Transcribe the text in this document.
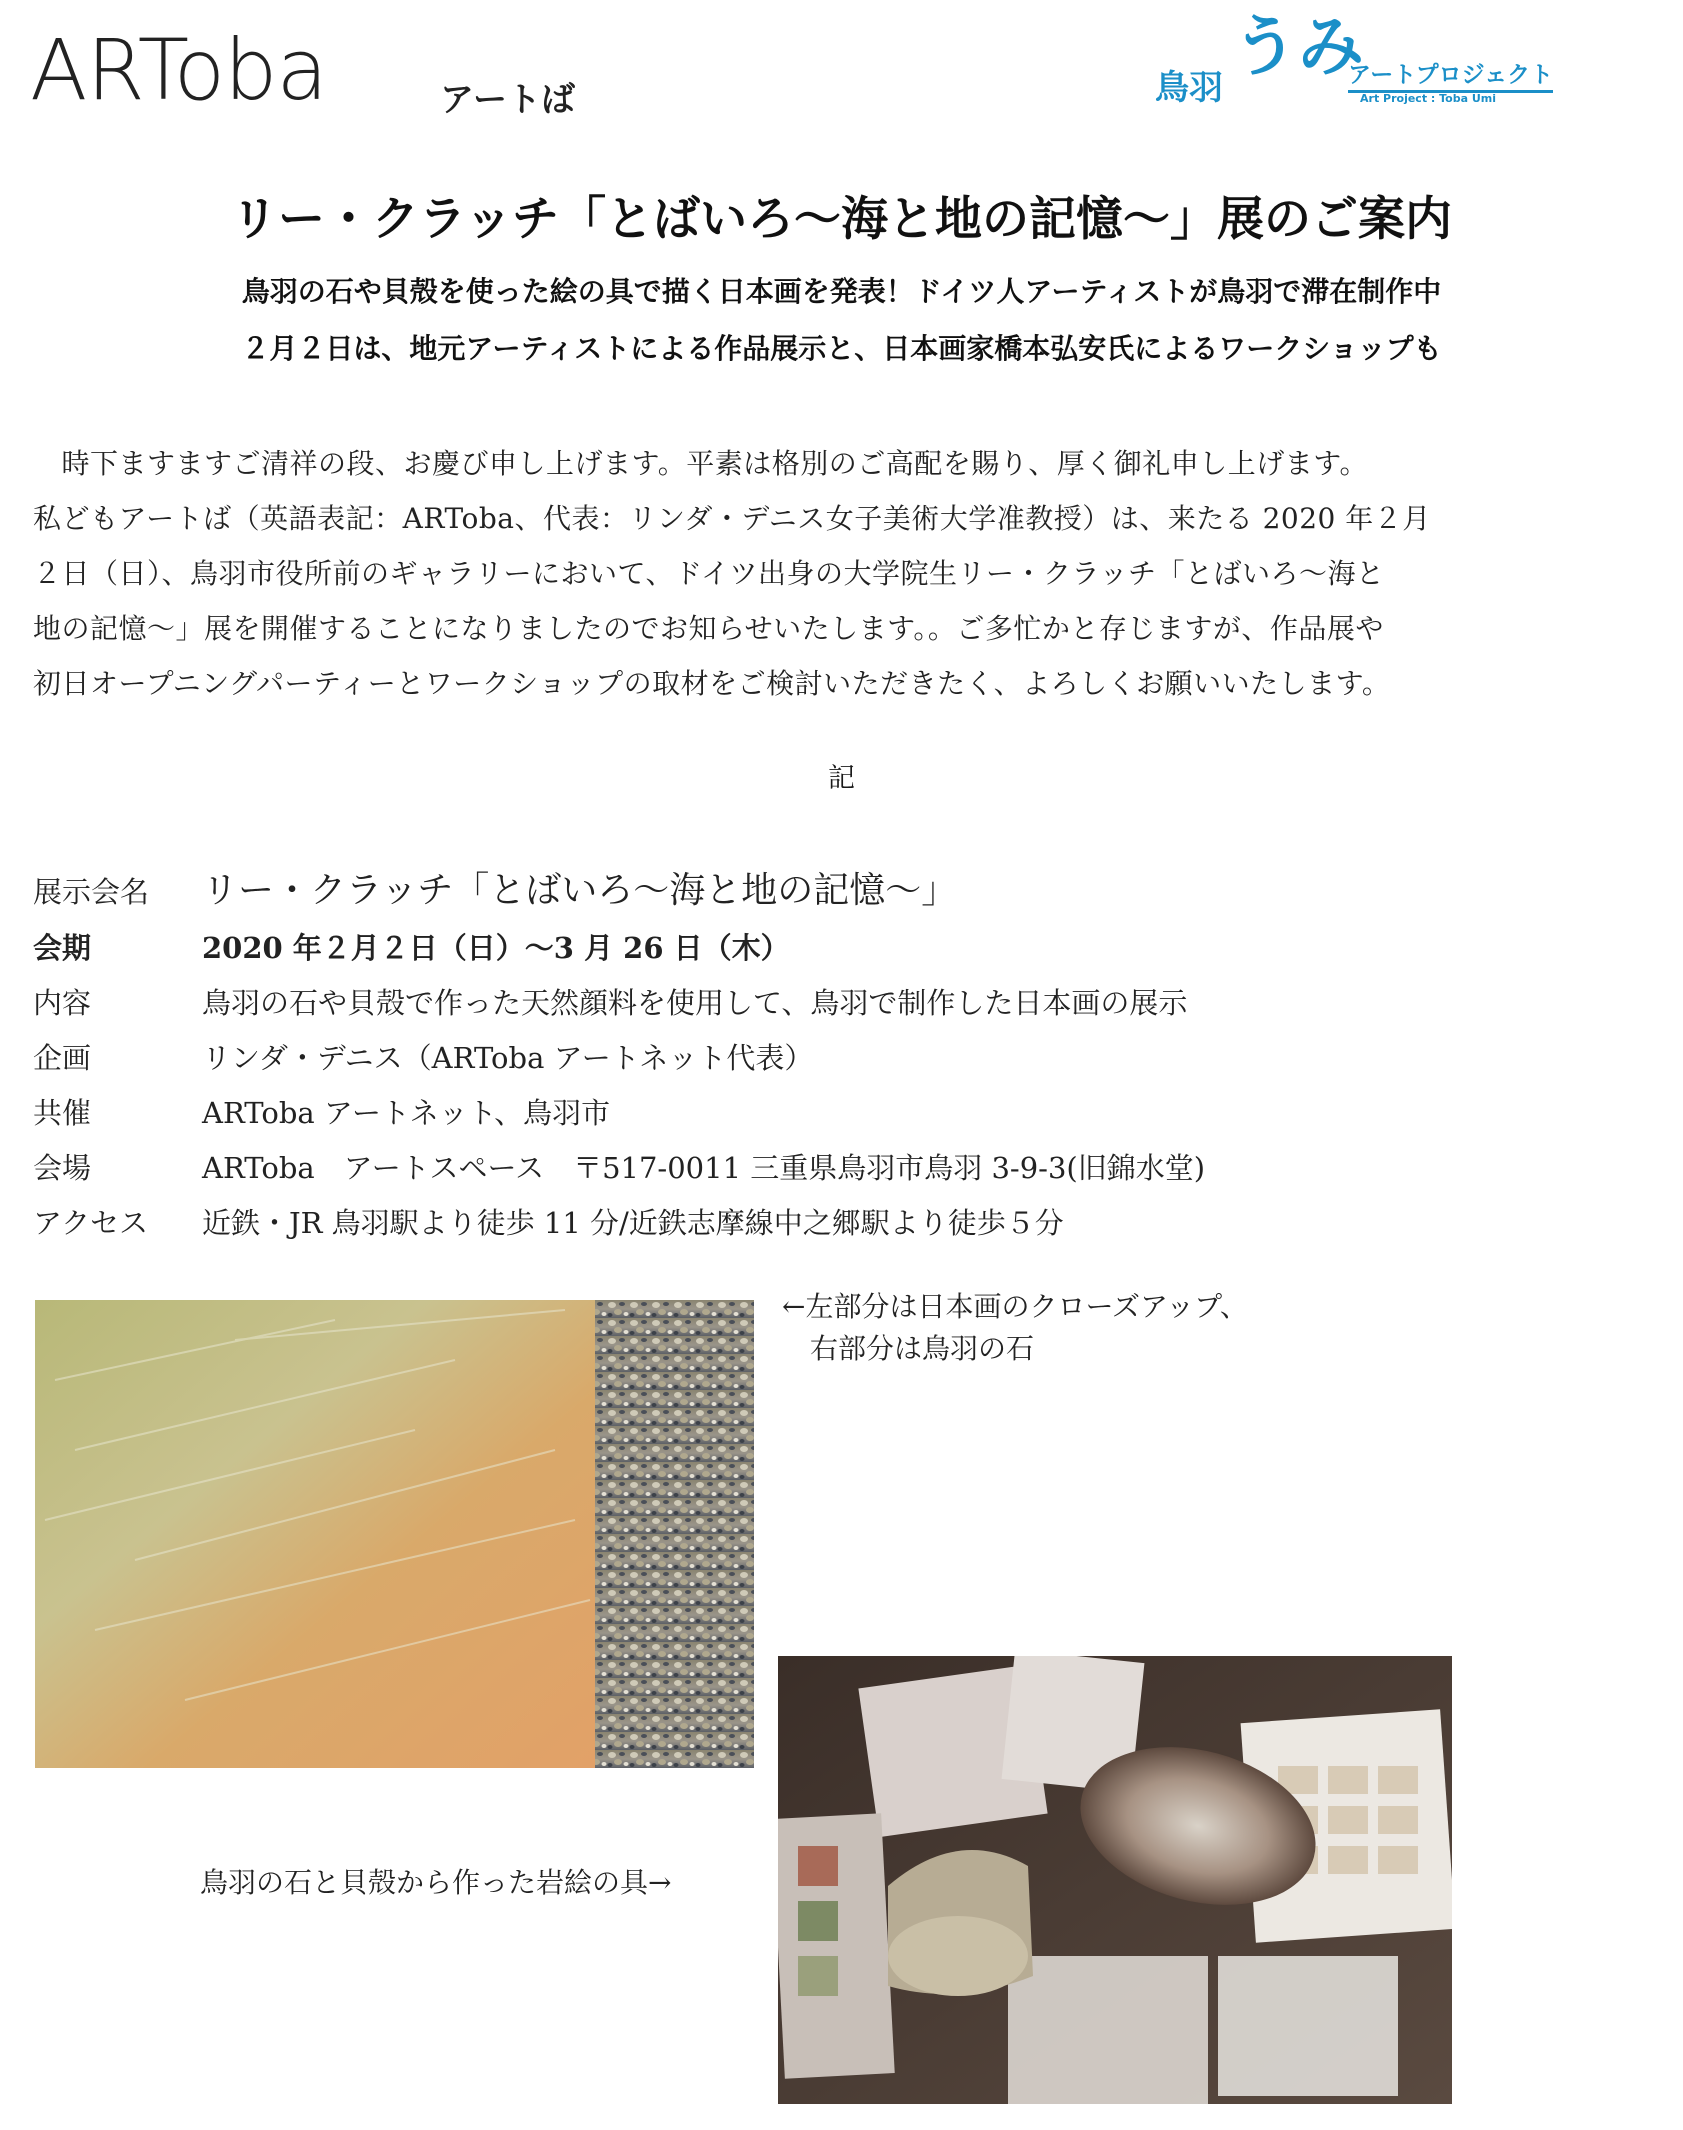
ARToba	アートば	鳥羽
うみ
アートプロジェクト
Art Project : Toba Umi
リー・クラッチ「とばいろ〜海と地の記憶〜」展のご案内
鳥羽の石や貝殻を使った絵の具で描く日本画を発表！ドイツ人アーティストが鳥羽で滞在制作中
２月２日は、地元アーティストによる作品展示と、日本画家橋本弘安氏によるワークショップも
　時下ますますご清祥の段、お慶び申し上げます。平素は格別のご高配を賜り、厚く御礼申し上げます。
私どもアートば（英語表記：ARToba、代表：リンダ・デニス女子美術大学准教授）は、来たる 2020 年２月
２日（日）、鳥羽市役所前のギャラリーにおいて、ドイツ出身の大学院生リー・クラッチ「とばいろ〜海と
地の記憶〜」展を開催することになりましたのでお知らせいたします。。ご多忙かと存じますが、作品展や
初日オープニングパーティーとワークショップの取材をご検討いただきたく、よろしくお願いいたします。
記
展示会名 リー・クラッチ「とばいろ〜海と地の記憶〜」
会期	2020 年２月２日（日）〜3 月 26 日（木）
内容	鳥羽の石や貝殻で作った天然顔料を使用して、鳥羽で制作した日本画の展示
企画	リンダ・デニス（ARToba アートネット代表）
共催	ARToba アートネット、鳥羽市
会場	ARToba　アートスペース　〒517-0011 三重県鳥羽市鳥羽 3-9-3(旧錦水堂)
アクセス 近鉄・JR 鳥羽駅より徒歩 11 分/近鉄志摩線中之郷駅より徒歩５分
←左部分は日本画のクローズアップ、
　右部分は鳥羽の石
鳥羽の石と貝殻から作った岩絵の具→
